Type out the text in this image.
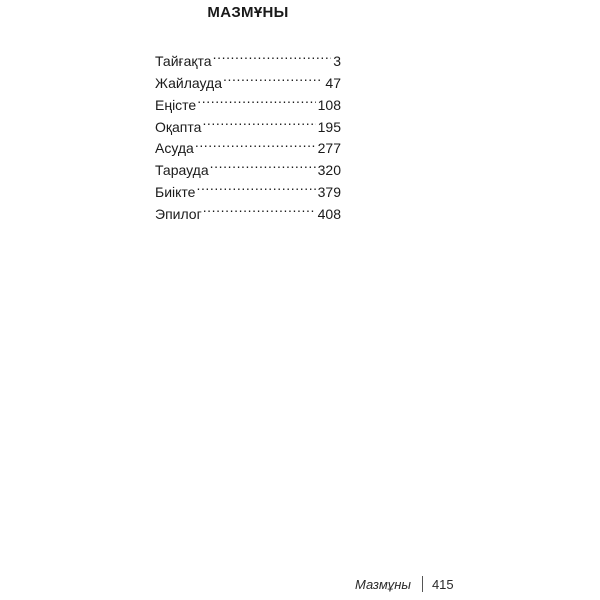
МАЗМҰНЫ
Тайғақта .....	3
Жайлауда .....	47
Еңісте .....	108
Оқапта .....	195
Асуда .....	277
Тарауда .....	320
Биікте .....	379
Эпилог .....	408
Мазмұны 415
